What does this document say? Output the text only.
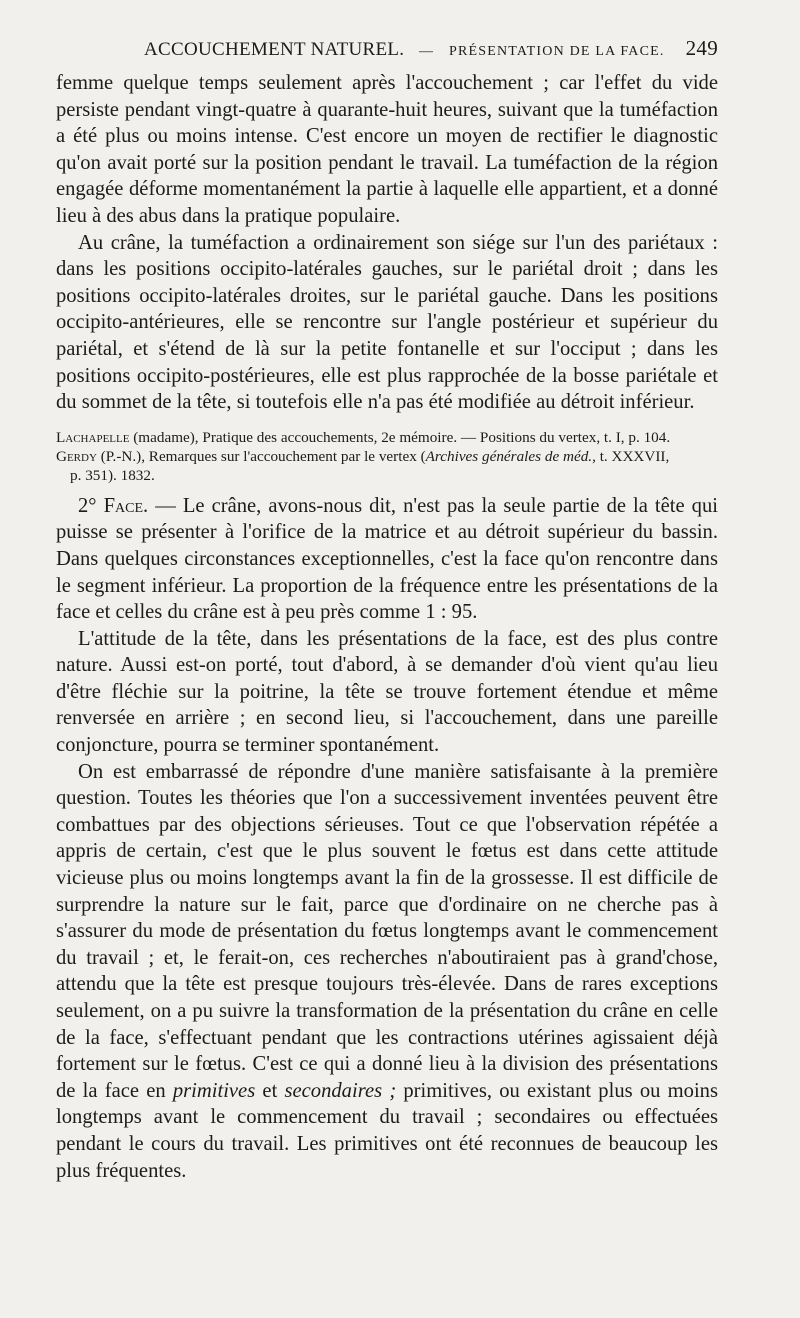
ACCOUCHEMENT NATUREL.	—	PRÉSENTATION DE LA FACE. 249

femme quelque temps seulement après l'accouchement ; car l'effet du vide persiste pendant vingt-quatre à quarante-huit heures, suivant que la tuméfaction a été plus ou moins intense. C'est encore un moyen de rectifier le diagnostic qu'on avait porté sur la position pendant le travail. La tuméfaction de la région engagée déforme momentanément la partie à laquelle elle appartient, et a donné lieu à des abus dans la pratique populaire.

Au crâne, la tuméfaction a ordinairement son siége sur l'un des pariétaux : dans les positions occipito-latérales gauches, sur le pariétal droit ; dans les positions occipito-latérales droites, sur le pariétal gauche. Dans les positions occipito-antérieures, elle se rencontre sur l'angle postérieur et supérieur du pariétal, et s'étend de là sur la petite fontanelle et sur l'occiput ; dans les positions occipito-postérieures, elle est plus rapprochée de la bosse pariétale et du sommet de la tête, si toutefois elle n'a pas été modifiée au détroit inférieur.

Lachapelle (madame), Pratique des accouchements, 2e mémoire. — Positions du vertex, t. I, p. 104.

Gerdy (P.-N.), Remarques sur l'accouchement par le vertex (Archives générales de méd., t. XXXVII,

p. 351). 1832.

2° Face. — Le crâne, avons-nous dit, n'est pas la seule partie de la tête qui puisse se présenter à l'orifice de la matrice et au détroit supérieur du bassin. Dans quelques circonstances exceptionnelles, c'est la face qu'on rencontre dans le segment inférieur. La proportion de la fréquence entre les présentations de la face et celles du crâne est à peu près comme 1 : 95.

L'attitude de la tête, dans les présentations de la face, est des plus contre nature. Aussi est-on porté, tout d'abord, à se demander d'où vient qu'au lieu d'être fléchie sur la poitrine, la tête se trouve fortement étendue et même renversée en arrière ; en second lieu, si l'accouchement, dans une pareille conjoncture, pourra se terminer spontanément.

On est embarrassé de répondre d'une manière satisfaisante à la première question. Toutes les théories que l'on a successivement inventées peuvent être combattues par des objections sérieuses. Tout ce que l'observation répétée a appris de certain, c'est que le plus souvent le fœtus est dans cette attitude vicieuse plus ou moins longtemps avant la fin de la grossesse. Il est difficile de surprendre la nature sur le fait, parce que d'ordinaire on ne cherche pas à s'assurer du mode de présentation du fœtus longtemps avant le commencement du travail ; et, le ferait-on, ces recherches n'aboutiraient pas à grand'chose, attendu que la tête est presque toujours très-élevée. Dans de rares exceptions seulement, on a pu suivre la transformation de la présentation du crâne en celle de la face, s'effectuant pendant que les contractions utérines agissaient déjà fortement sur le fœtus. C'est ce qui a donné lieu à la division des présentations de la face en primitives et secondaires ; primitives, ou existant plus ou moins longtemps avant le commencement du travail ; secondaires ou effectuées pendant le cours du travail. Les primitives ont été reconnues de beaucoup les plus fréquentes.
